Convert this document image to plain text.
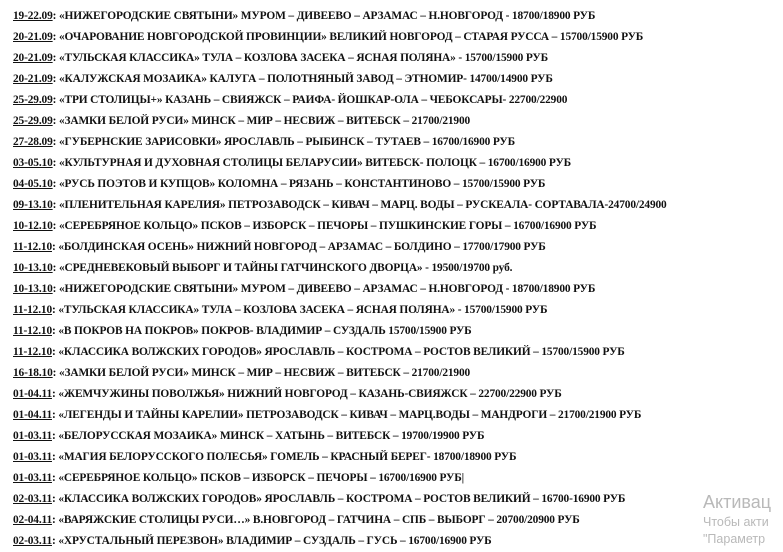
19-22.09: «НИЖЕГОРОДСКИЕ СВЯТЫНИ» МУРОМ – ДИВЕЕВО – АРЗАМАС – Н.НОВГОРОД - 18700/18900 РУБ
20-21.09: «ОЧАРОВАНИЕ НОВГОРОДСКОЙ ПРОВИНЦИИ» ВЕЛИКИЙ НОВГОРОД – СТАРАЯ РУССА – 15700/15900 РУБ
20-21.09: «ТУЛЬСКАЯ КЛАССИКА» ТУЛА – КОЗЛОВА ЗАСЕКА – ЯСНАЯ ПОЛЯНА» - 15700/15900 РУБ
20-21.09: «КАЛУЖСКАЯ МОЗАИКА» КАЛУГА – ПОЛОТНЯНЫЙ ЗАВОД – ЭТНОМИР- 14700/14900 РУБ
25-29.09: «ТРИ СТОЛИЦЫ+» КАЗАНЬ – СВИЯЖСК – РАИФА- ЙОШКАР-ОЛА – ЧЕБОКСАРЫ- 22700/22900
25-29.09: «ЗАМКИ БЕЛОЙ РУСИ» МИНСК – МИР – НЕСВИЖ – ВИТЕБСК – 21700/21900
27-28.09: «ГУБЕРНСКИЕ ЗАРИСОВКИ» ЯРОСЛАВЛЬ – РЫБИНСК – ТУТАЕВ – 16700/16900 РУБ
03-05.10: «КУЛЬТУРНАЯ И ДУХОВНАЯ СТОЛИЦЫ БЕЛАРУСИИ» ВИТЕБСК- ПОЛОЦК – 16700/16900 РУБ
04-05.10: «РУСЬ ПОЭТОВ И КУПЦОВ» КОЛОМНА – РЯЗАНЬ – КОНСТАНТИНОВО – 15700/15900 РУБ
09-13.10: «ПЛЕНИТЕЛЬНАЯ КАРЕЛИЯ» ПЕТРОЗАВОДСК – КИВАЧ – МАРЦ. ВОДЫ – РУСКЕАЛА- СОРТАВАЛА-24700/24900
10-12.10: «СЕРЕБРЯНОЕ КОЛЬЦО» ПСКОВ – ИЗБОРСК – ПЕЧОРЫ – ПУШКИНСКИЕ ГОРЫ – 16700/16900 РУБ
11-12.10: «БОЛДИНСКАЯ ОСЕНЬ» НИЖНИЙ НОВГОРОД – АРЗАМАС – БОЛДИНО – 17700/17900 РУБ
10-13.10: «СРЕДНЕВЕКОВЫЙ ВЫБОРГ И ТАЙНЫ ГАТЧИНСКОГО ДВОРЦА» - 19500/19700 руб.
10-13.10: «НИЖЕГОРОДСКИЕ СВЯТЫНИ» МУРОМ – ДИВЕЕВО – АРЗАМАС – Н.НОВГОРОД - 18700/18900 РУБ
11-12.10: «ТУЛЬСКАЯ КЛАССИКА» ТУЛА – КОЗЛОВА ЗАСЕКА – ЯСНАЯ ПОЛЯНА» - 15700/15900 РУБ
11-12.10: «В ПОКРОВ НА ПОКРОВ» ПОКРОВ- ВЛАДИМИР – СУЗДАЛЬ 15700/15900 РУБ
11-12.10: «КЛАССИКА ВОЛЖСКИХ ГОРОДОВ» ЯРОСЛАВЛЬ – КОСТРОМА – РОСТОВ ВЕЛИКИЙ – 15700/15900 РУБ
16-18.10: «ЗАМКИ БЕЛОЙ РУСИ» МИНСК – МИР – НЕСВИЖ – ВИТЕБСК – 21700/21900
01-04.11: «ЖЕМЧУЖИНЫ ПОВОЛЖЬЯ» НИЖНИЙ НОВГОРОД – КАЗАНЬ-СВИЯЖСК – 22700/22900 РУБ
01-04.11: «ЛЕГЕНДЫ И ТАЙНЫ КАРЕЛИИ» ПЕТРОЗАВОДСК – КИВАЧ – МАРЦ.ВОДЫ – МАНДРОГИ – 21700/21900 РУБ
01-03.11: «БЕЛОРУССКАЯ МОЗАИКА» МИНСК – ХАТЫНЬ – ВИТЕБСК – 19700/19900 РУБ
01-03.11: «МАГИЯ БЕЛОРУССКОГО ПОЛЕСЬЯ» ГОМЕЛЬ – КРАСНЫЙ БЕРЕГ- 18700/18900 РУБ
01-03.11: «СЕРЕБРЯНОЕ КОЛЬЦО» ПСКОВ – ИЗБОРСК – ПЕЧОРЫ – 16700/16900 РУБ|
02-03.11: «КЛАССИКА ВОЛЖСКИХ ГОРОДОВ» ЯРОСЛАВЛЬ – КОСТРОМА – РОСТОВ ВЕЛИКИЙ – 16700-16900 РУБ
02-04.11: «ВАРЯЖСКИЕ СТОЛИЦЫ РУСИ…» В.НОВГОРОД – ГАТЧИНА – СПБ – ВЫБОРГ – 20700/20900 РУБ
02-03.11: «ХРУСТАЛЬНЫЙ ПЕРЕЗВОН» ВЛАДИМИР – СУЗДАЛЬ – ГУСЬ – 16700/16900 РУБ
Активац
Чтобы акти
"Параметр
